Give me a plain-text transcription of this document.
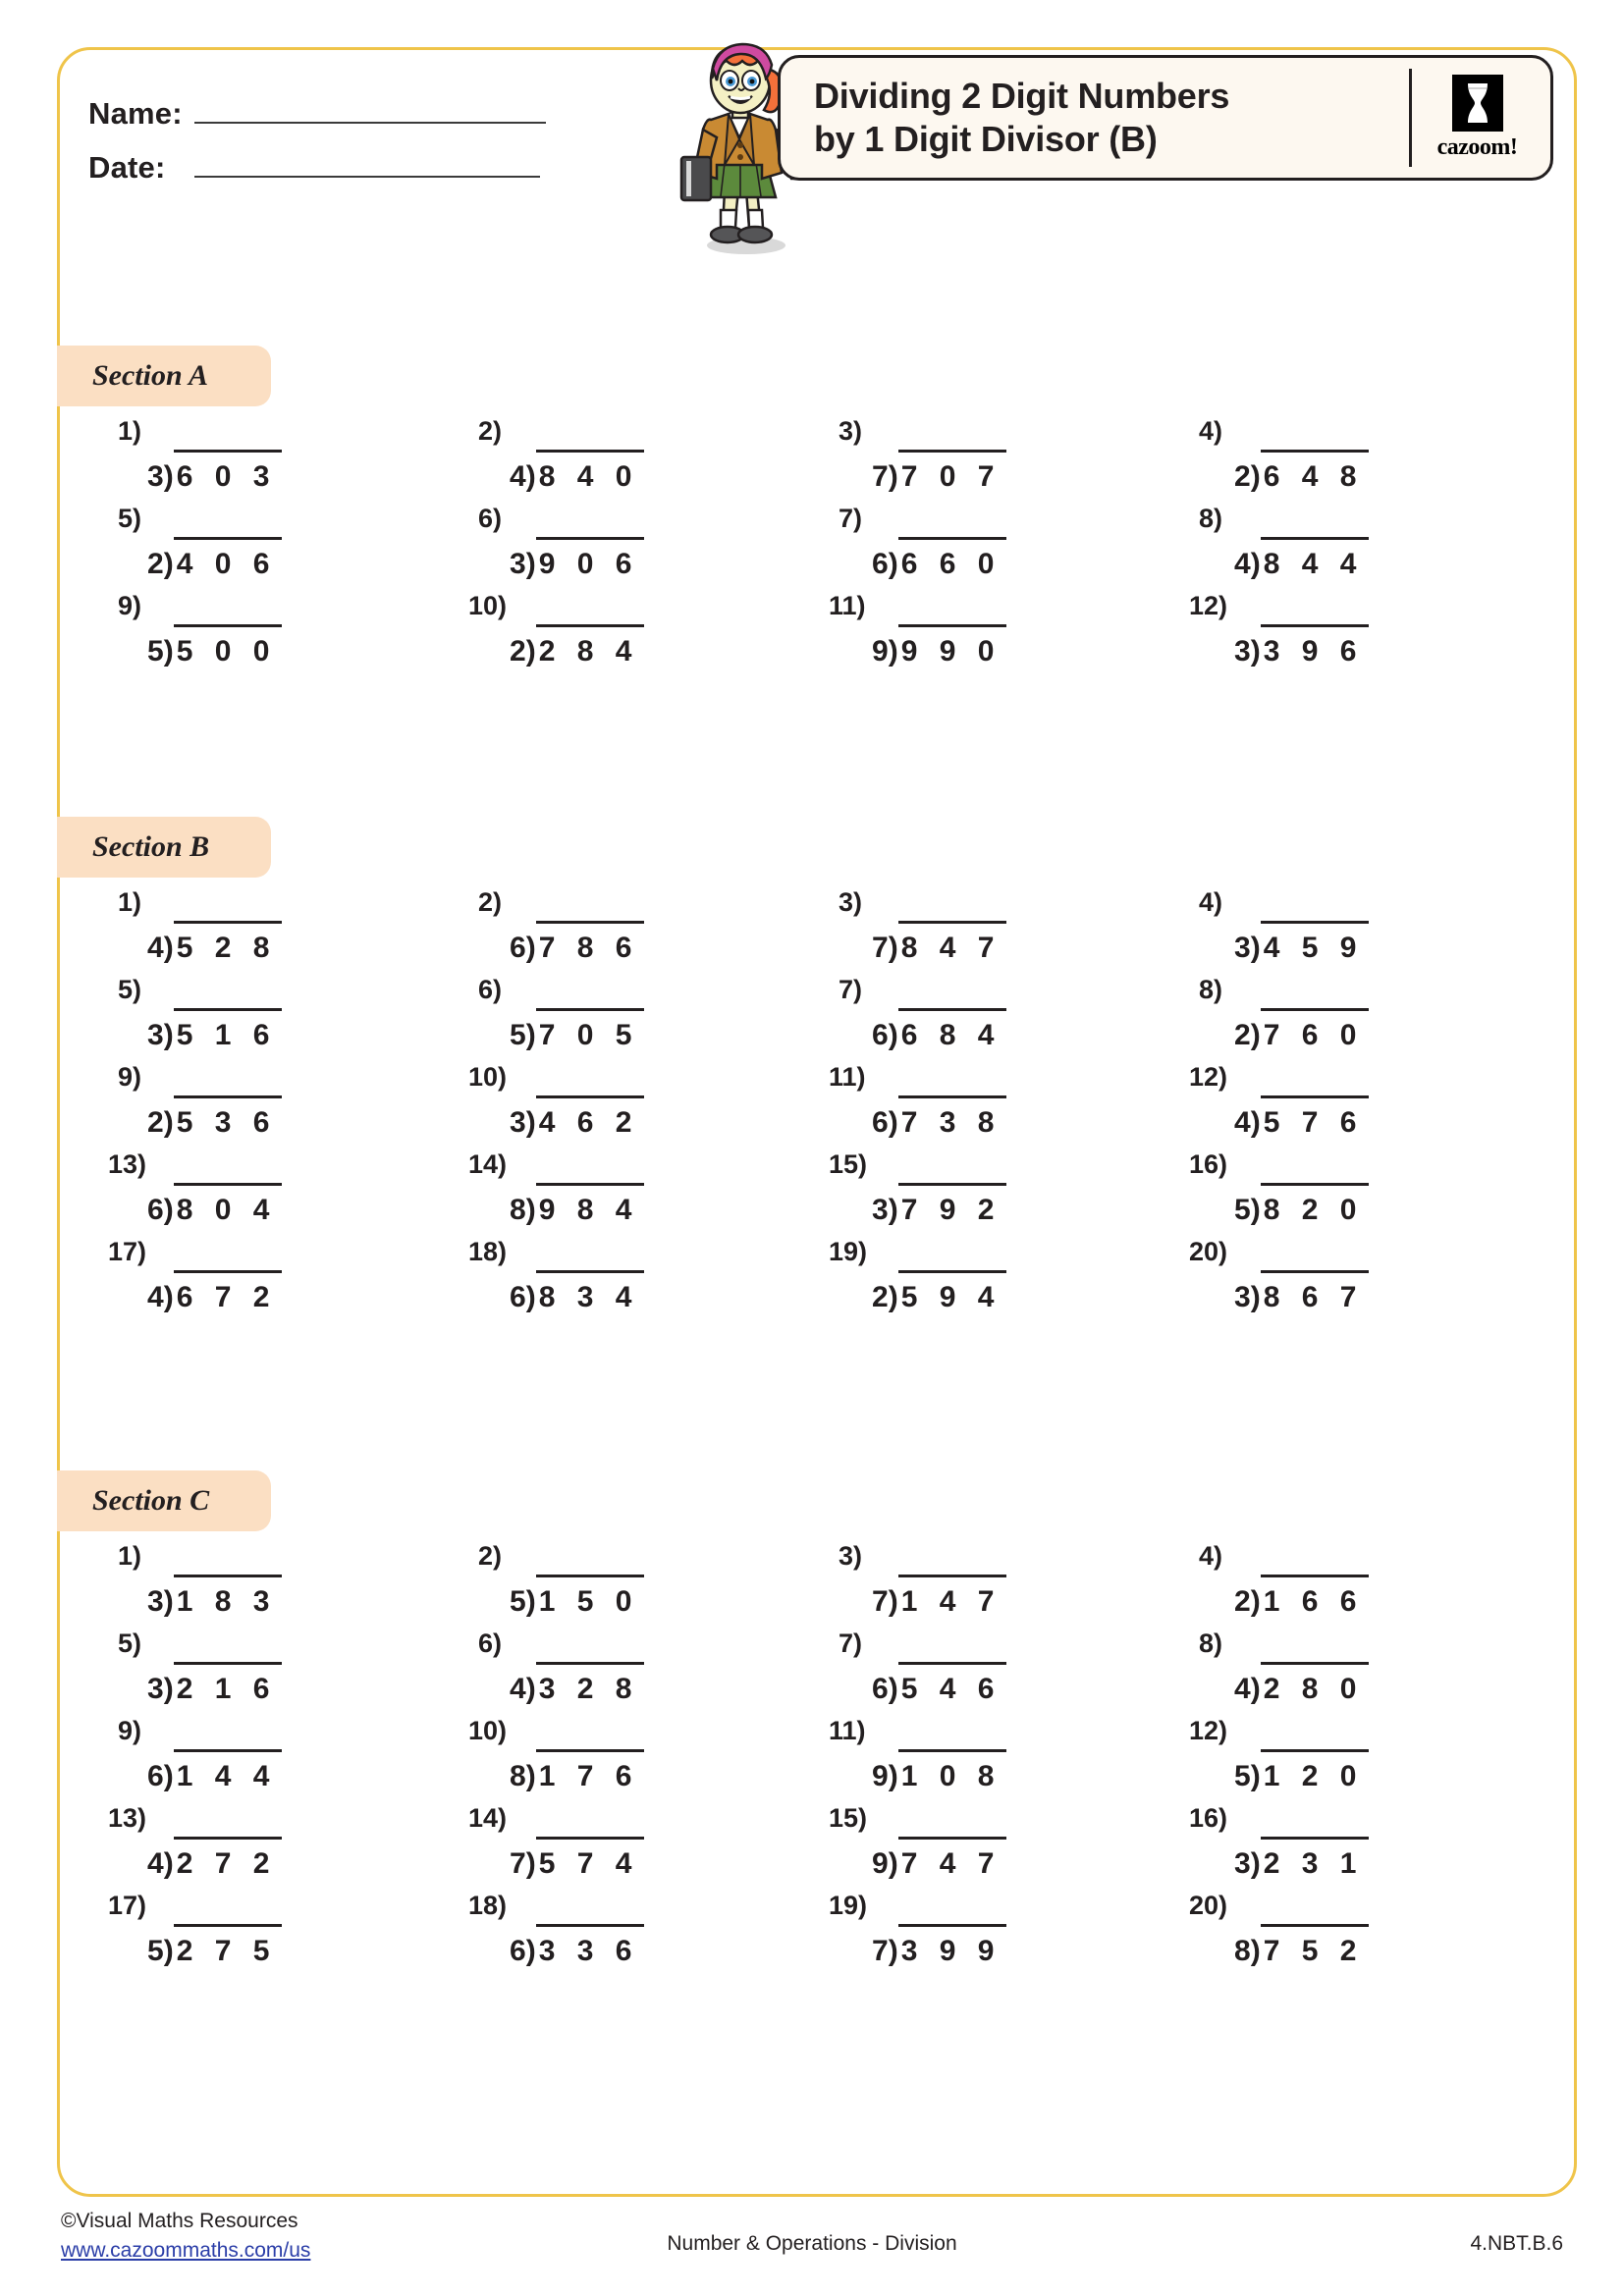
Name:
Date:
Dividing 2 Digit Numbers
by 1 Digit Divisor (B)	cazoom!
Section A
1)
3 ) 6 0 3
2)
4 ) 8 4 0
3)
7 ) 7 0 7
4)
2 ) 6 4 8
5)
2 ) 4 0 6
6)
3 ) 9 0 6
7)
6 ) 6 6 0
8)
4 ) 8 4 4
9)
5 ) 5 0 0
10)
2 ) 2 8 4
11)
9 ) 9 9 0
12)
3 ) 3 9 6
Section B
1)
4 ) 5 2 8
2)
6 ) 7 8 6
3)
7 ) 8 4 7
4)
3 ) 4 5 9
5)
3 ) 5 1 6
6)
5 ) 7 0 5
7)
6 ) 6 8 4
8)
2 ) 7 6 0
9)
2 ) 5 3 6
10)
3 ) 4 6 2
11)
6 ) 7 3 8
12)
4 ) 5 7 6
13)
6 ) 8 0 4
14)
8 ) 9 8 4
15)
3 ) 7 9 2
16)
5 ) 8 2 0
17)
4 ) 6 7 2
18)
6 ) 8 3 4
19)
2 ) 5 9 4
20)
3 ) 8 6 7
Section C
1)
3 ) 1 8 3
2)
5 ) 1 5 0
3)
7 ) 1 4 7
4)
2 ) 1 6 6
5)
3 ) 2 1 6
6)
4 ) 3 2 8
7)
6 ) 5 4 6
8)
4 ) 2 8 0
9)
6 ) 1 4 4
10)
8 ) 1 7 6
11)
9 ) 1 0 8
12)
5 ) 1 2 0
13)
4 ) 2 7 2
14)
7 ) 5 7 4
15)
9 ) 7 4 7
16)
3 ) 2 3 1
17)
5 ) 2 7 5
18)
6 ) 3 3 6
19)
7 ) 3 9 9
20)
8 ) 7 5 2
©Visual Maths Resources
www.cazoommaths.com/us	Number & Operations - Division	4.NBT.B.6
